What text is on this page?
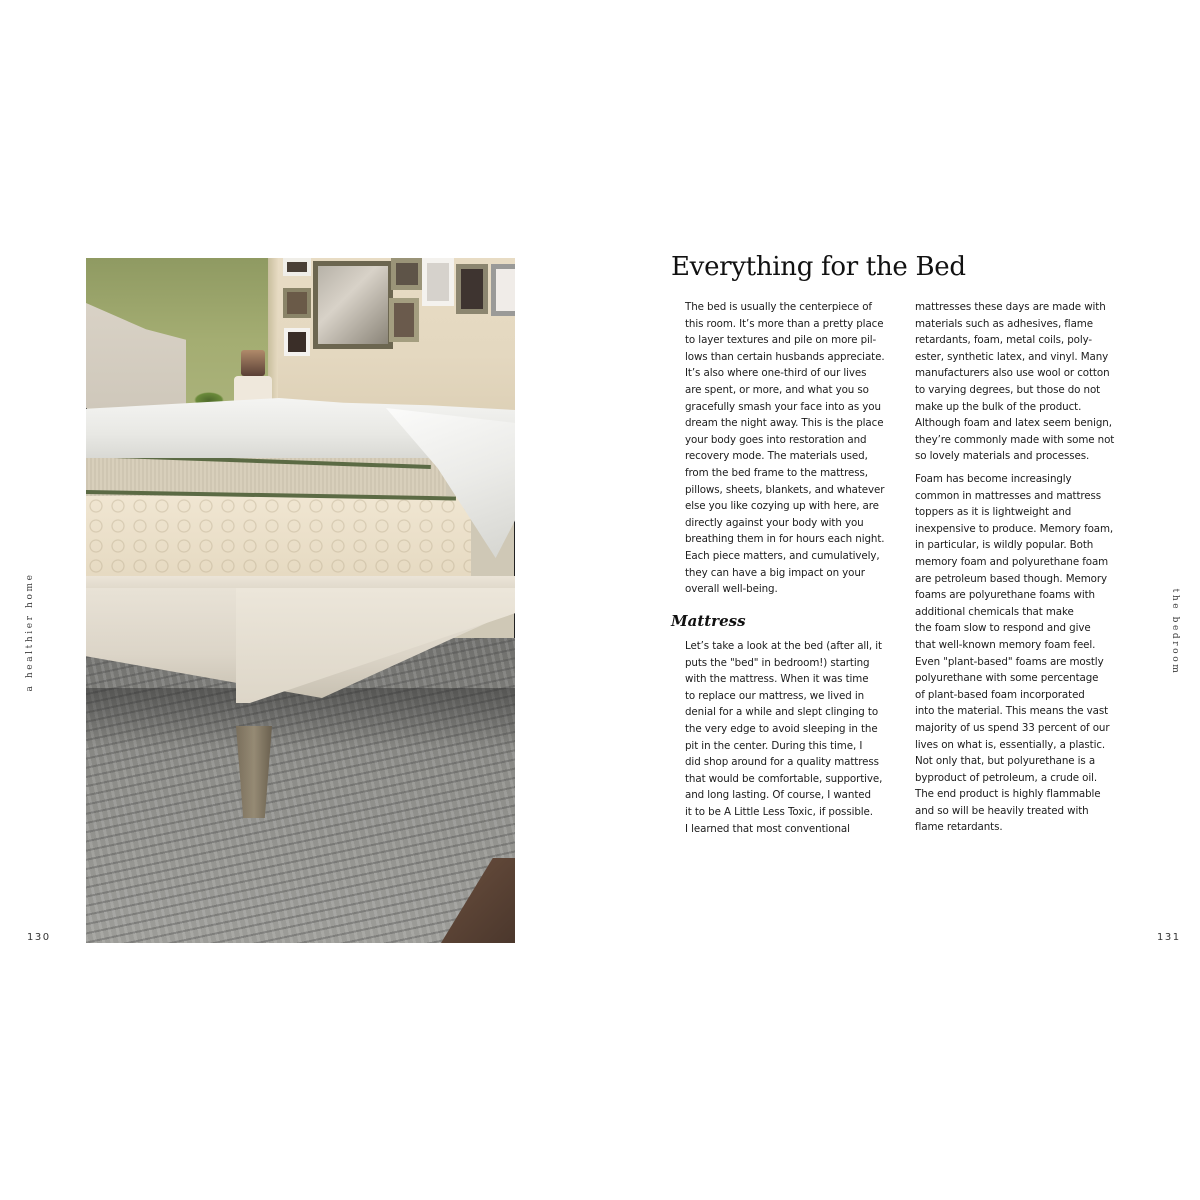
a healthier home
130
the bedroom
131
Everything for the Bed
The bed is usually the centerpiece of
this room. It’s more than a pretty place
to layer textures and pile on more pil-
lows than certain husbands appreciate.
It’s also where one-third of our lives
are spent, or more, and what you so
gracefully smash your face into as you
dream the night away. This is the place
your body goes into restoration and
recovery mode. The materials used,
from the bed frame to the mattress,
pillows, sheets, blankets, and whatever
else you like cozying up with here, are
directly against your body with you
breathing them in for hours each night.
Each piece matters, and cumulatively,
they can have a big impact on your
overall well-being.
Mattress
Let’s take a look at the bed (after all, it
puts the "bed" in bedroom!) starting
with the mattress. When it was time
to replace our mattress, we lived in
denial for a while and slept clinging to
the very edge to avoid sleeping in the
pit in the center. During this time, I
did shop around for a quality mattress
that would be comfortable, supportive,
and long lasting. Of course, I wanted
it to be A Little Less Toxic, if possible.
I learned that most conventional
mattresses these days are made with
materials such as adhesives, flame
retardants, foam, metal coils, poly-
ester, synthetic latex, and vinyl. Many
manufacturers also use wool or cotton
to varying degrees, but those do not
make up the bulk of the product.
Although foam and latex seem benign,
they’re commonly made with some not
so lovely materials and processes.
Foam has become increasingly
common in mattresses and mattress
toppers as it is lightweight and
inexpensive to produce. Memory foam,
in particular, is wildly popular. Both
memory foam and polyurethane foam
are petroleum based though. Memory
foams are polyurethane foams with
additional chemicals that make
the foam slow to respond and give
that well-known memory foam feel.
Even "plant-based" foams are mostly
polyurethane with some percentage
of plant-based foam incorporated
into the material. This means the vast
majority of us spend 33 percent of our
lives on what is, essentially, a plastic.
Not only that, but polyurethane is a
byproduct of petroleum, a crude oil.
The end product is highly flammable
and so will be heavily treated with
flame retardants.
